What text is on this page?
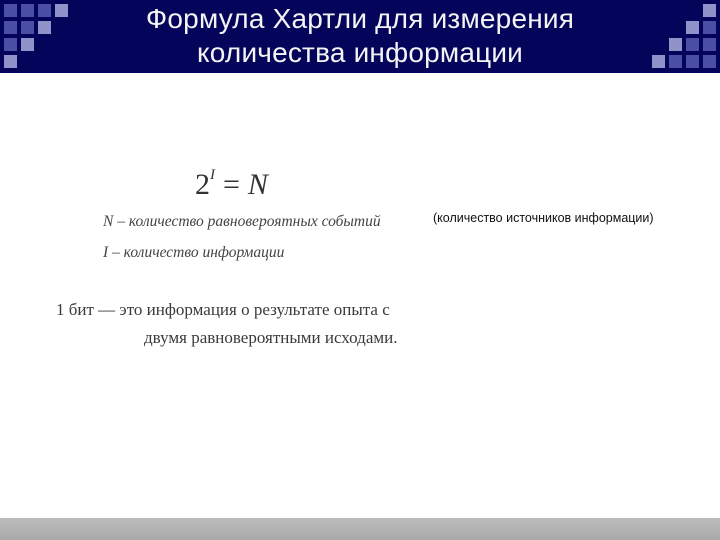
Формула Хартли для измерения количества информации
$2^I = N$
N – количество равновероятных событий
I – количество информации
(количество источников информации)
1 бит — это информация о результате опыта с
двумя равновероятными исходами.
